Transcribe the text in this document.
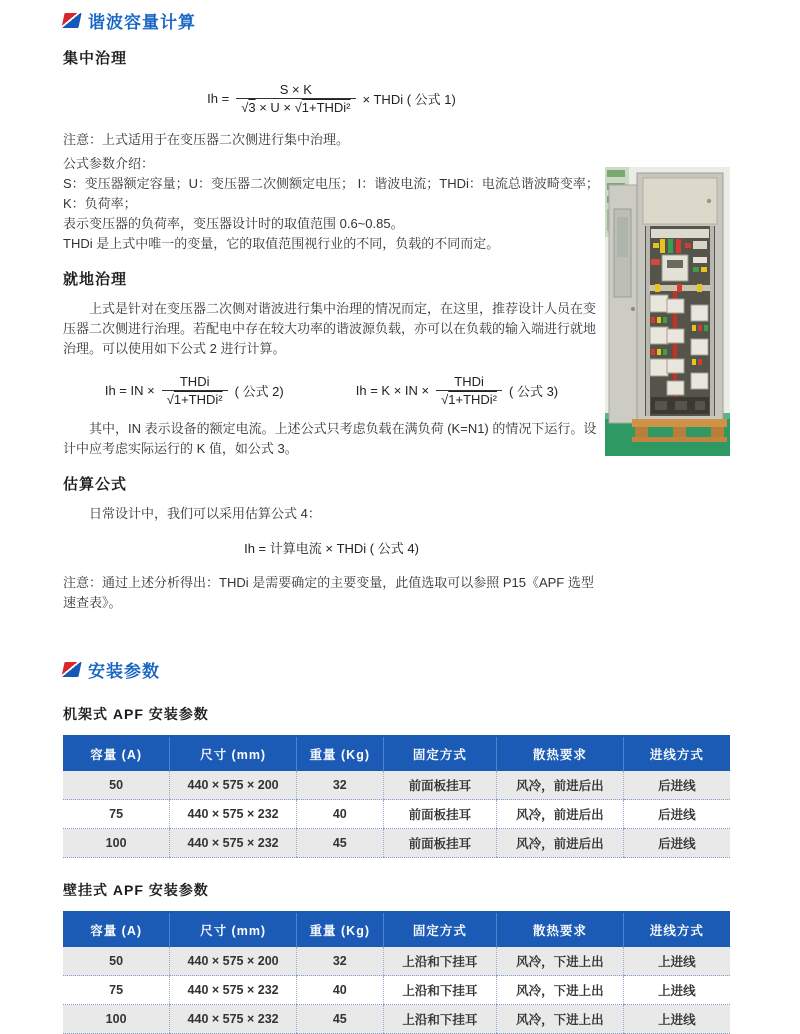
谐波容量计算
集中治理
$Ih = \frac{S \times K}{\text{√3 × U × √1+THDi²}}$ × THDi ( 公式 1)

注意：上式适用于在变压器二次侧进行集中治理。

公式参数介绍：

S：变压器额定容量；U：变压器二次侧额定电压； I：谐波电流；THDi：电流总谐波畸变率；K：负荷率；

表示变压器的负荷率，变压器设计时的取值范围 0.6~0.85。

THDi 是上式中唯一的变量，它的取值范围视行业的不同，负载的不同而定。

就地治理

上式是针对在变压器二次侧对谐波进行集中治理的情况而定，在这里，推荐设计人员在变压器二次侧进行治理。若配电中存在较大功率的谐波源负载，亦可以在负载的输入端进行就地治理。可以使用如下公式 2 进行计算。

Ih = IN × $\frac{\text{THDi}}{\text{√1+THDi²}}$ ( 公式 2)	Ih = K × IN × $\frac{\text{THDi}}{\text{√1+THDi²}}$ ( 公式 3)

其中，IN 表示设备的额定电流。上述公式只考虑负载在满负荷 (K=N1) 的情况下运行。设计中应考虑实际运行的 K 值，如公式 3。

估算公式

日常设计中，我们可以采用估算公式 4：

Ih = 计算电流 × THDi ( 公式 4)

注意：通过上述分析得出：THDi 是需要确定的主要变量，此值选取可以参照 P15《APF 选型速查表》。

安装参数
机架式 APF 安装参数
容量 (A)	尺寸 (mm)	重量 (Kg)	固定方式	散热要求	进线方式
50	440 × 575 × 200	32	前面板挂耳	风冷，前进后出	后进线
75	440 × 575 × 232	40	前面板挂耳	风冷，前进后出	后进线
100	440 × 575 × 232	45	前面板挂耳	风冷，前进后出	后进线
壁挂式 APF 安装参数
容量 (A)	尺寸 (mm)	重量 (Kg)	固定方式	散热要求	进线方式
50	440 × 575 × 200	32	上沿和下挂耳	风冷，下进上出	上进线
75	440 × 575 × 232	40	上沿和下挂耳	风冷，下进上出	上进线
100	440 × 575 × 232	45	上沿和下挂耳	风冷，下进上出	上进线
